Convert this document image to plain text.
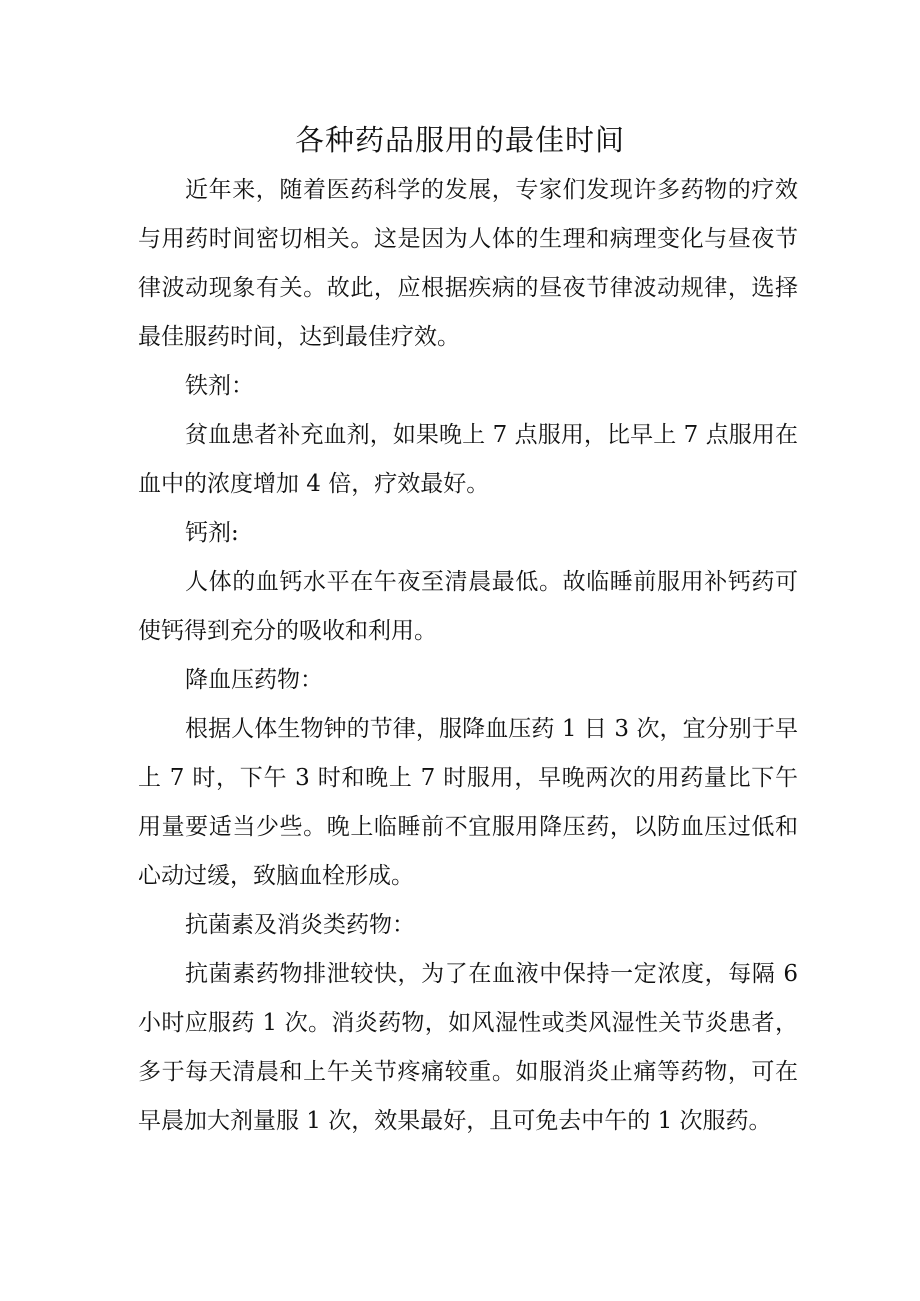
各种药品服用的最佳时间

近年来，随着医药科学的发展，专家们发现许多药物的疗效与用药时间密切相关。这是因为人体的生理和病理变化与昼夜节律波动现象有关。故此，应根据疾病的昼夜节律波动规律，选择最佳服药时间，达到最佳疗效。

铁剂：

贫血患者补充血剂，如果晚上 7 点服用，比早上 7 点服用在血中的浓度增加 4 倍，疗效最好。

钙剂:

人体的血钙水平在午夜至清晨最低。故临睡前服用补钙药可使钙得到充分的吸收和利用。

降血压药物：

根据人体生物钟的节律，服降血压药 1 日 3 次，宜分别于早上 7 时，下午 3 时和晚上 7 时服用，早晚两次的用药量比下午用量要适当少些。晚上临睡前不宜服用降压药，以防血压过低和心动过缓，致脑血栓形成。

抗菌素及消炎类药物：

抗菌素药物排泄较快，为了在血液中保持一定浓度，每隔 6 小时应服药 1 次。消炎药物，如风湿性或类风湿性关节炎患者，多于每天清晨和上午关节疼痛较重。如服消炎止痛等药物，可在早晨加大剂量服 1 次，效果最好，且可免去中午的 1 次服药。
